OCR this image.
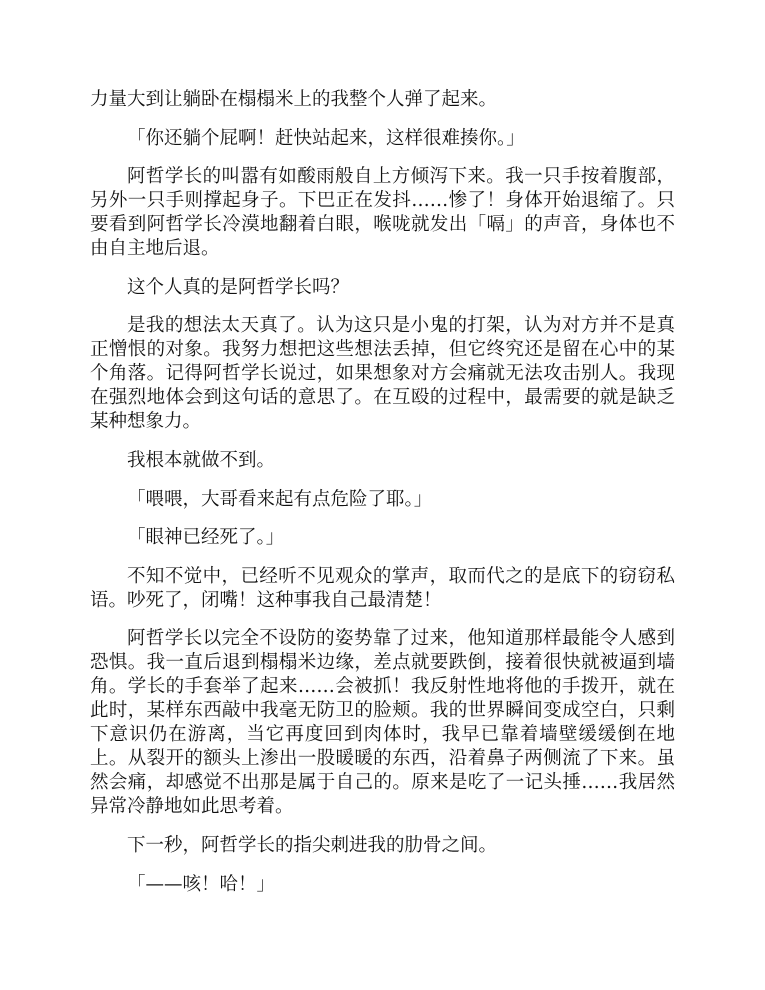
力量大到让躺卧在榻榻米上的我整个人弹了起来。
「你还躺个屁啊！赶快站起来，这样很难揍你。」
阿哲学长的叫嚣有如酸雨般自上方倾泻下来。我一只手按着腹部，
另外一只手则撑起身子。下巴正在发抖……惨了！身体开始退缩了。只
要看到阿哲学长冷漠地翻着白眼，喉咙就发出「嗝」的声音，身体也不
由自主地后退。
这个人真的是阿哲学长吗？
是我的想法太天真了。认为这只是小鬼的打架，认为对方并不是真
正憎恨的对象。我努力想把这些想法丢掉，但它终究还是留在心中的某
个角落。记得阿哲学长说过，如果想象对方会痛就无法攻击别人。我现
在强烈地体会到这句话的意思了。在互殴的过程中，最需要的就是缺乏
某种想象力。
我根本就做不到。
「喂喂，大哥看来起有点危险了耶。」
「眼神已经死了。」
不知不觉中，已经听不见观众的掌声，取而代之的是底下的窃窃私
语。吵死了，闭嘴！这种事我自己最清楚！
阿哲学长以完全不设防的姿势靠了过来，他知道那样最能令人感到
恐惧。我一直后退到榻榻米边缘，差点就要跌倒，接着很快就被逼到墙
角。学长的手套举了起来……会被抓！我反射性地将他的手拨开，就在
此时，某样东西敲中我毫无防卫的脸颊。我的世界瞬间变成空白，只剩
下意识仍在游离，当它再度回到肉体时，我早已靠着墙壁缓缓倒在地
上。从裂开的额头上渗出一股暖暖的东西，沿着鼻子两侧流了下来。虽
然会痛，却感觉不出那是属于自己的。原来是吃了一记头捶……我居然
异常冷静地如此思考着。
下一秒，阿哲学长的指尖刺进我的肋骨之间。
「——咳！哈！」
